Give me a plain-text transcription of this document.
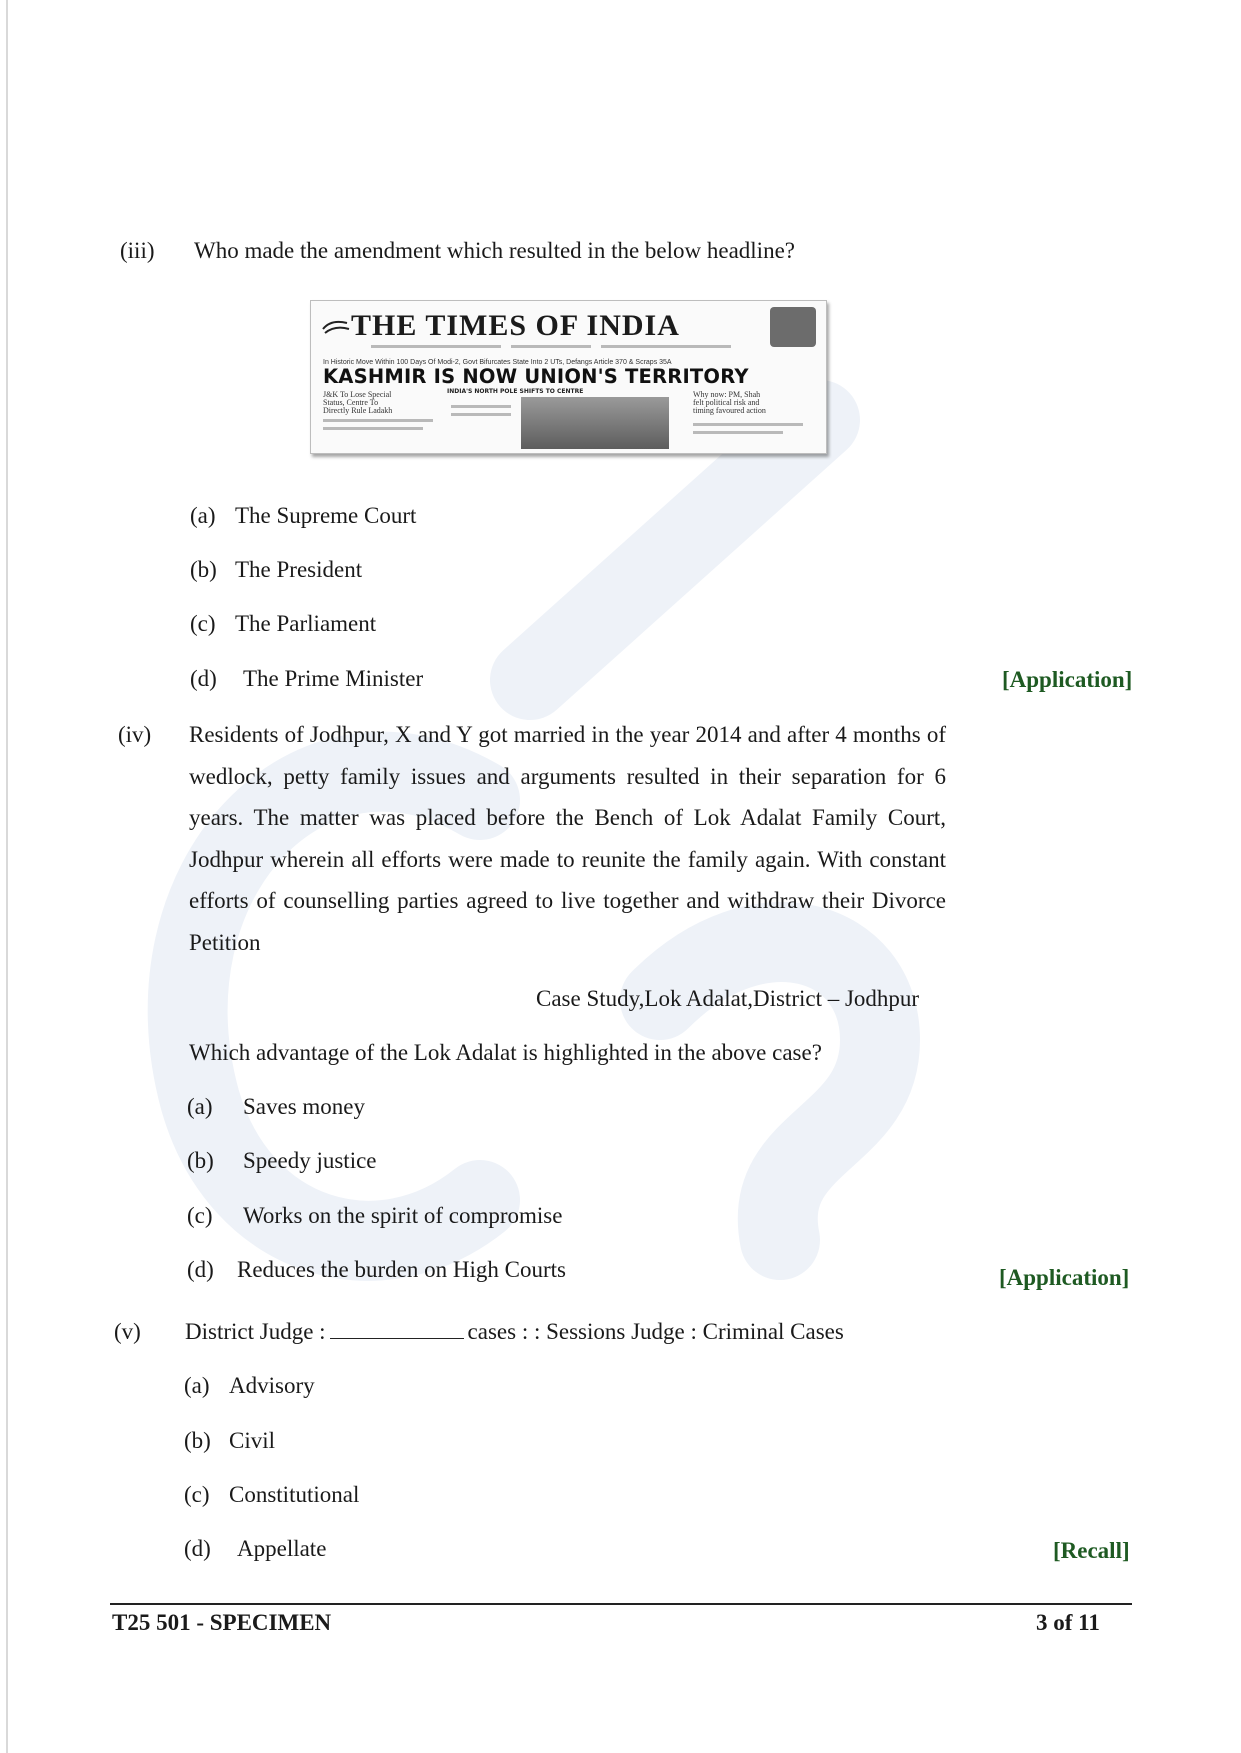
(iii) Who made the amendment which resulted in the below headline?
THE TIMES OF INDIA
In Historic Move Within 100 Days Of Modi-2, Govt Bifurcates State Into 2 UTs, Defangs Article 370 & Scraps 35A
KASHMIR IS NOW UNION'S TERRITORY
J&K To Lose Special
Status, Centre To
Directly Rule Ladakh
INDIA'S NORTH POLE SHIFTS TO CENTRE	Why now: PM, Shah
felt political risk and
timing favoured action
(a) The Supreme Court
(b) The President
(c) The Parliament
(d) The Prime Minister	[Application]
(iv) Residents of Jodhpur, X and Y got married in the year 2014 and after 4 months of wedlock, petty family issues and arguments resulted in their separation for 6 years. The matter was placed before the Bench of Lok Adalat Family Court, Jodhpur wherein all efforts were made to reunite the family again. With constant efforts of counselling parties agreed to live together and withdraw their Divorce Petition
Case Study,Lok Adalat,District – Jodhpur
Which advantage of the Lok Adalat is highlighted in the above case?
(a) Saves money
(b) Speedy justice
(c) Works on the spirit of compromise
(d) Reduces the burden on High Courts	[Application]
(v) District Judge :	cases : : Sessions Judge : Criminal Cases
(a) Advisory
(b) Civil
(c) Constitutional
(d) Appellate	[Recall]
T25 501 - SPECIMEN	3 of 11
